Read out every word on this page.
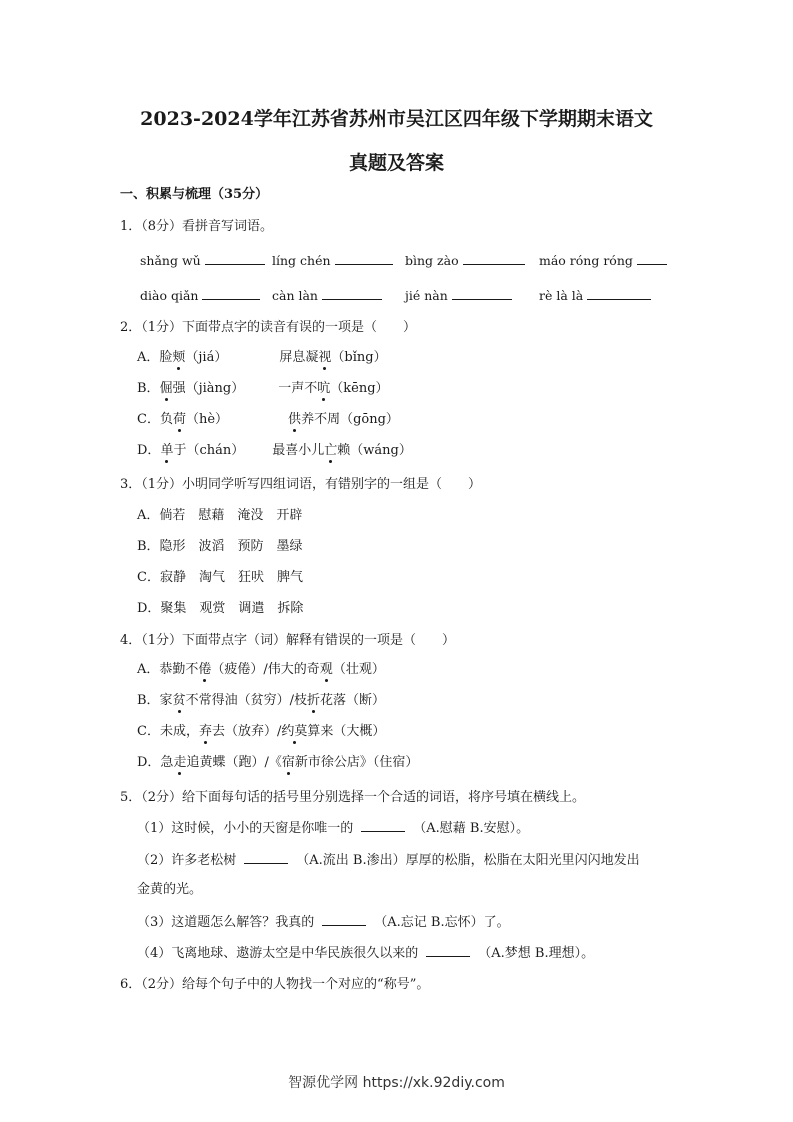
2023-2024学年江苏省苏州市吴江区四年级下学期期末语文
真题及答案
一、积累与梳理（35分）
1．（8分）看拼音写词语。
shǎng wǔ	líng chén	bìng zào	máo róng róng
diào qiǎn	càn làn	jié nàn	rè là là
2．（1分）下面带点字的读音有误的一项是（　　）
A．脸颊（jiá）	屏息凝视（bǐng）
B．倔强（jiàng）	一声不吭（kēng）
C．负荷（hè）	供养不周（gōng）
D．单于（chán） 最喜小儿亡赖（wáng）
3．（1分）小明同学听写四组词语，有错别字的一组是（　　）
A．倘若　慰藉　淹没　开辟
B．隐形　波滔　预防　墨绿
C．寂静　淘气　狂吠　脾气
D．聚集　观赏　调遣　拆除
4．（1分）下面带点字（词）解释有错误的一项是（　　）
A．恭勤不倦（疲倦）/伟大的奇观（壮观）
B．家贫不常得油（贫穷）/枝折花落（断）
C．未成，弃去（放弃）/约莫算来（大概）
D．急走追黄蝶（跑）/《宿新市徐公店》（住宿）
5．（2分）给下面每句话的括号里分别选择一个合适的词语，将序号填在横线上。
（1）这时候，小小的天窗是你唯一的	（A.慰藉 B.安慰）。
（2）许多老松树	（A.流出 B.渗出）厚厚的松脂，松脂在太阳光里闪闪地发出
金黄的光。
（3）这道题怎么解答？我真的	（A.忘记 B.忘怀）了。
（4）飞离地球、遨游太空是中华民族很久以来的	（A.梦想 B.理想）。
6．（2分）给每个句子中的人物找一个对应的“称号”。
智源优学网 https://xk.92diy.com
